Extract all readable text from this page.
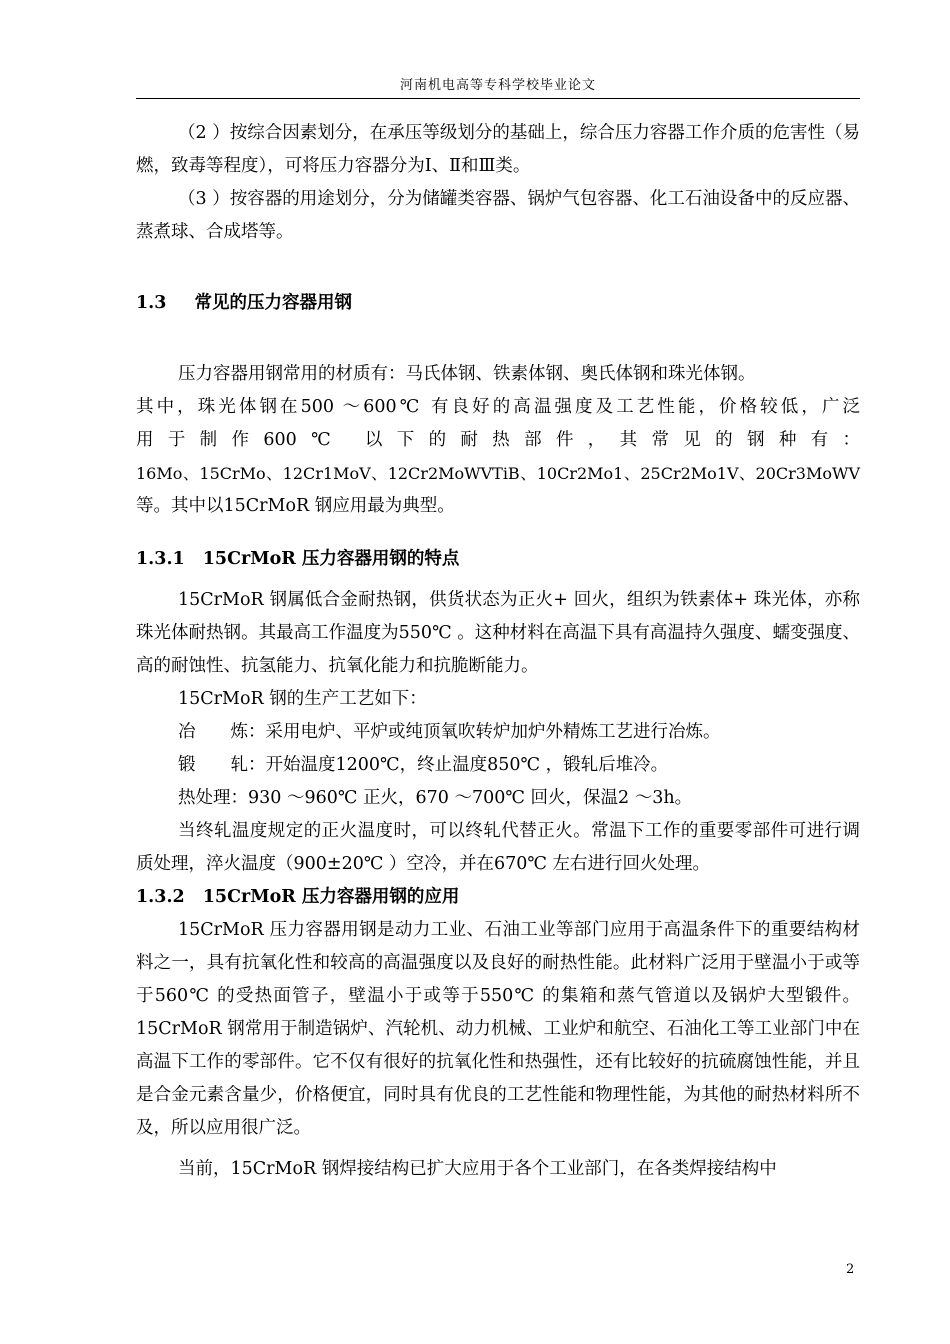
河南机电高等专科学校毕业论文

（2 ）按综合因素划分，在承压等级划分的基础上，综合压力容器工作介质的危害性（易燃，致毒等程度），可将压力容器分为Ⅰ、Ⅱ和Ⅲ类。

（3 ）按容器的用途划分，分为储罐类容器、锅炉气包容器、化工石油设备中的反应器、蒸煮球、合成塔等。

1.3 常见的压力容器用钢

压力容器用钢常用的材质有：马氏体钢、铁素体钢、奥氏体钢和珠光体钢。

其中，珠光体钢在500 ～600℃ 有良好的高温强度及工艺性能，价格较低，广泛

用于制作600℃ 以下的耐热部件，其常见的钢种有：

16Mo、15CrMo、12Cr1MoV、12Cr2MoWVTiB、10Cr2Mo1、25Cr2Mo1V、20Cr3MoWV

等。其中以15CrMoR 钢应用最为典型。

1.3.1 15CrMoR 压力容器用钢的特点

15CrMoR 钢属低合金耐热钢，供货状态为正火+ 回火，组织为铁素体+ 珠光体，亦称珠光体耐热钢。其最高工作温度为550℃ 。这种材料在高温下具有高温持久强度、蠕变强度、高的耐蚀性、抗氢能力、抗氧化能力和抗脆断能力。

15CrMoR 钢的生产工艺如下：

冶　　炼：采用电炉、平炉或纯顶氧吹转炉加炉外精炼工艺进行冶炼。

锻　　轧：开始温度1200℃，终止温度850℃ ，锻轧后堆冷。

热处理：930 ～960℃ 正火，670 ～700℃ 回火，保温2 ～3h。

当终轧温度规定的正火温度时，可以终轧代替正火。常温下工作的重要零部件可进行调质处理，淬火温度（900±20℃ ）空冷，并在670℃ 左右进行回火处理。

1.3.2 15CrMoR 压力容器用钢的应用

15CrMoR 压力容器用钢是动力工业、石油工业等部门应用于高温条件下的重要结构材料之一，具有抗氧化性和较高的高温强度以及良好的耐热性能。此材料广泛用于壁温小于或等于560℃ 的受热面管子，壁温小于或等于550℃ 的集箱和蒸气管道以及锅炉大型锻件。15CrMoR 钢常用于制造锅炉、汽轮机、动力机械、工业炉和航空、石油化工等工业部门中在高温下工作的零部件。它不仅有很好的抗氧化性和热强性，还有比较好的抗硫腐蚀性能，并且是合金元素含量少，价格便宜，同时具有优良的工艺性能和物理性能，为其他的耐热材料所不及，所以应用很广泛。

当前，15CrMoR 钢焊接结构已扩大应用于各个工业部门，在各类焊接结构中

2
